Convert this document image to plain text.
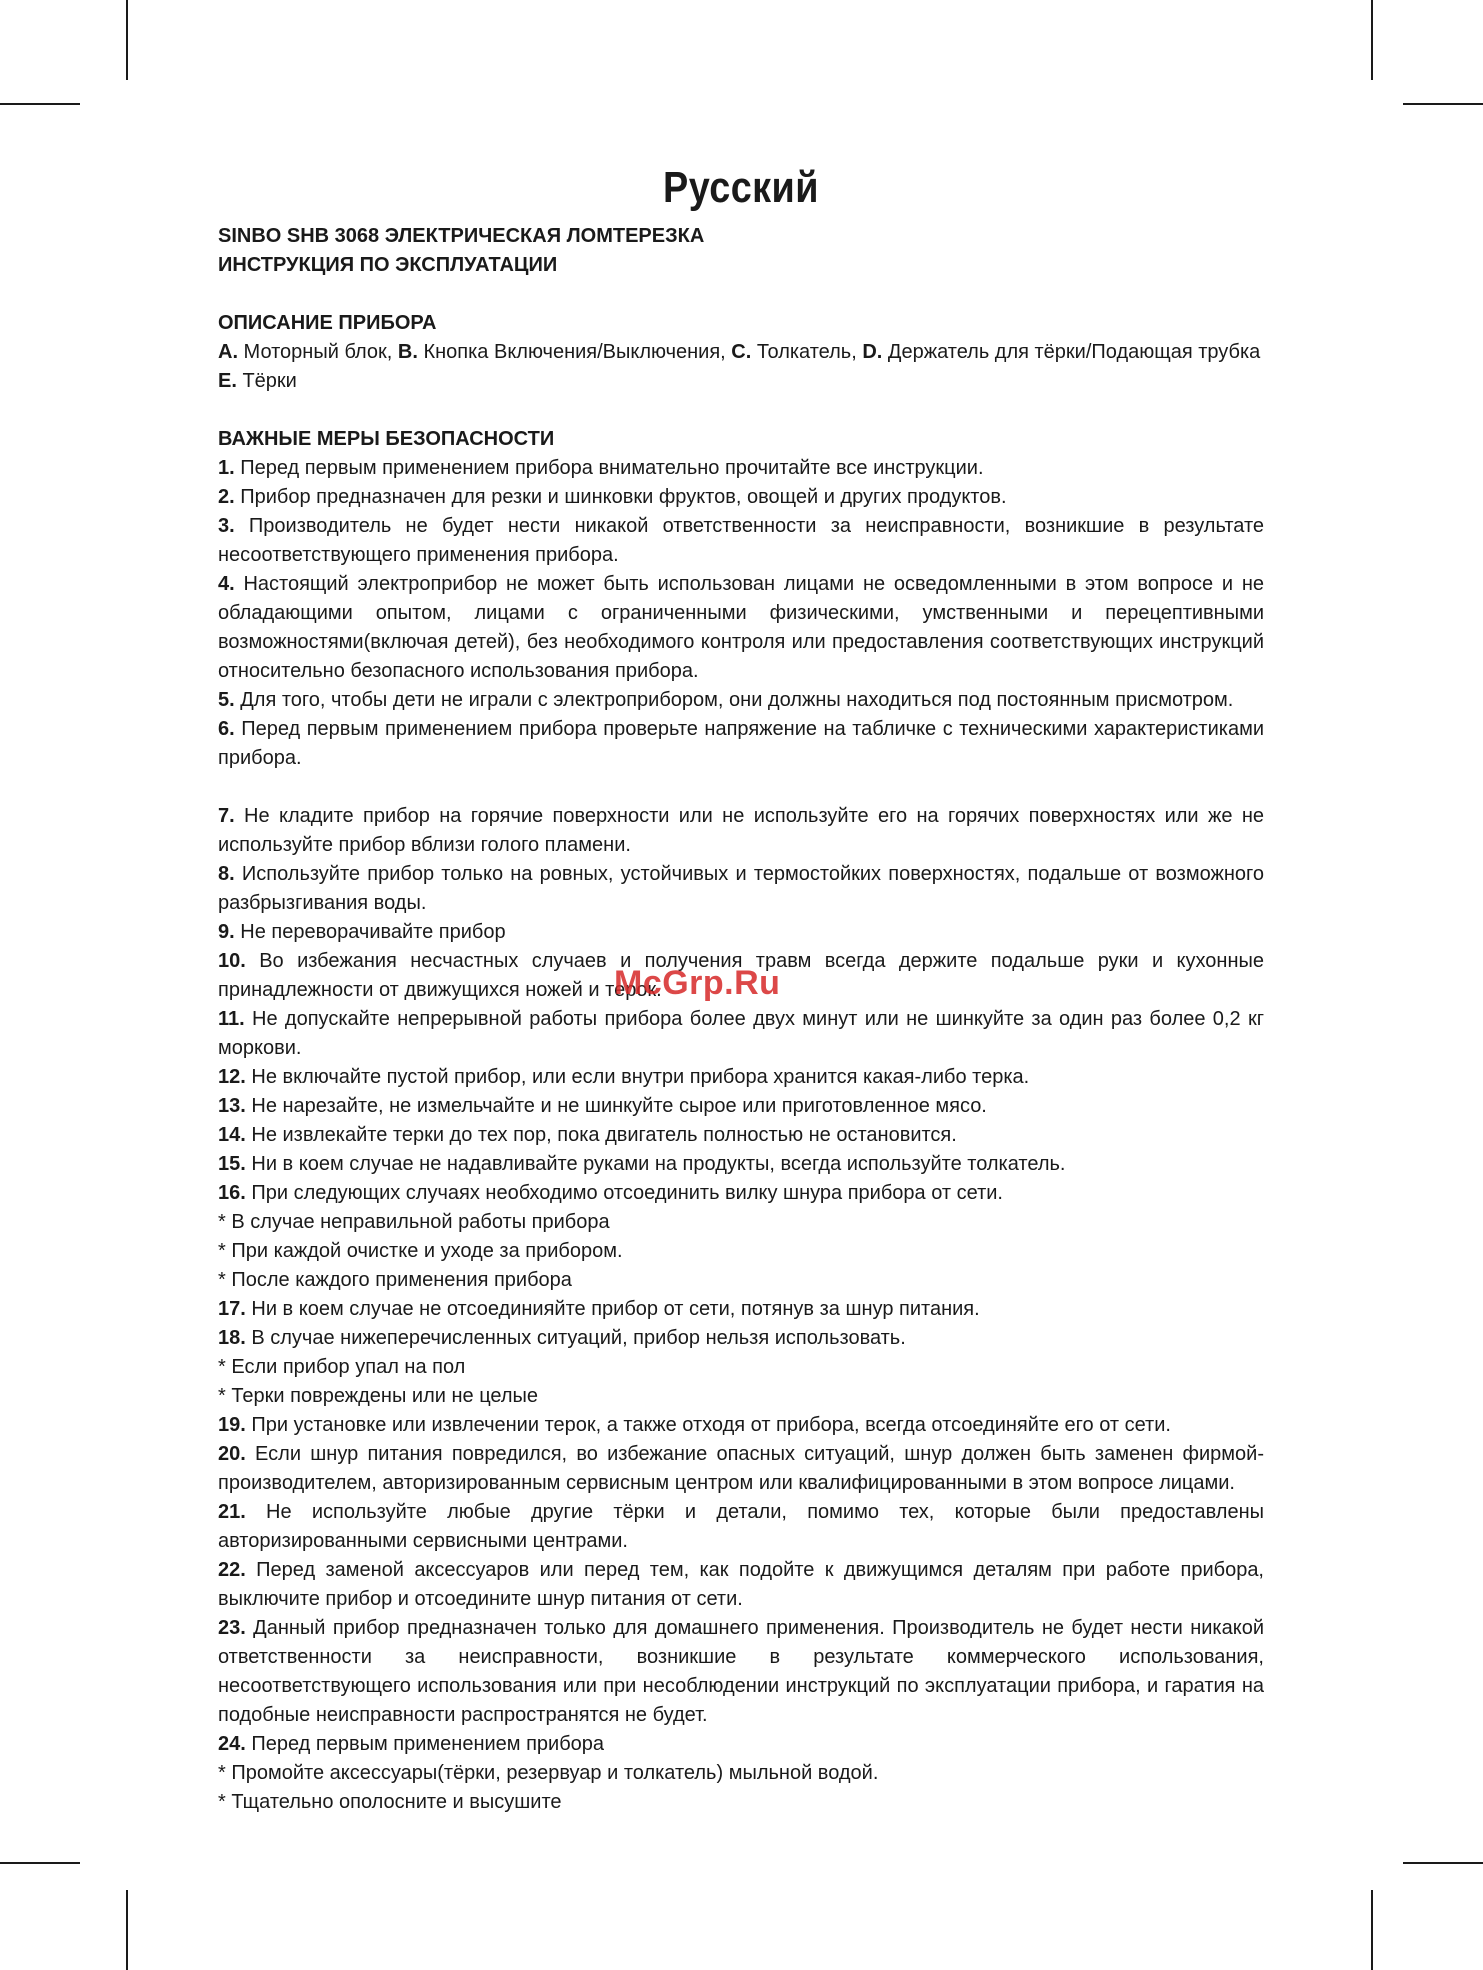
Русский
SINBO SHB 3068 ЭЛЕКТРИЧЕСКАЯ ЛОМТЕРЕЗКА
ИНСТРУКЦИЯ ПО ЭКСПЛУАТАЦИИ
ОПИСАНИЕ ПРИБОРА
A. Моторный блок, B. Кнопка Включения/Выключения, C. Толкатель, D. Держатель для тёрки/Подающая трубка
E. Тёрки
ВАЖНЫЕ МЕРЫ БЕЗОПАСНОСТИ
1. Перед первым применением прибора внимательно прочитайте все инструкции.
2. Прибор предназначен для резки и шинковки фруктов, овощей и других продуктов.
3. Производитель не будет нести никакой ответственности за неисправности, возникшие в результате несоответствующего применения прибора.
4. Настоящий электроприбор не может быть использован лицами не осведомленными в этом вопросе и не обладающими опытом, лицами с ограниченными физическими, умственными и перецептивными возможностями(включая детей), без необходимого контроля или предоставления соответствующих инструкций относительно безопасного использования прибора.
5. Для того, чтобы дети не играли с электроприбором, они должны находиться под постоянным присмотром.
6. Перед первым применением прибора проверьте напряжение на табличке с техническими характеристиками прибора.
7. Не кладите прибор на горячие поверхности или не используйте его на горячих поверхностях или же не используйте прибор вблизи голого пламени.
8. Используйте прибор только на ровных, устойчивых и термостойких поверхностях, подальше от возможного разбрызгивания воды.
9. Не переворачивайте прибор
10. Во избежания несчастных случаев и получения травм всегда держите подальше руки и кухонные принадлежности от движущихся ножей и терок.
11. Не допускайте непрерывной работы прибора более двух минут или не шинкуйте за один раз более 0,2 кг моркови.
12. Не включайте пустой прибор, или если внутри прибора хранится какая-либо терка.
13. Не нарезайте, не измельчайте и не шинкуйте сырое или приготовленное мясо.
14. Не извлекайте терки до тех пор, пока двигатель полностью не остановится.
15. Ни в коем случае не надавливайте руками на продукты, всегда используйте толкатель.
16. При следующих случаях необходимо отсоединить вилку шнура прибора от сети.
* В случае неправильной работы прибора
* При каждой очистке и уходе за прибором.
* После каждого применения прибора
17. Ни в коем случае не отсоединияйте прибор от сети, потянув за шнур питания.
18. В случае нижеперечисленных ситуаций, прибор нельзя использовать.
* Если прибор упал на пол
* Терки повреждены или не целые
19. При установке или извлечении терок, а также отходя от прибора, всегда отсоединяйте его от сети.
20. Если шнур питания повредился, во избежание опасных ситуаций, шнур должен быть заменен фирмой-производителем, авторизированным сервисным центром или квалифицированными в этом вопросе лицами.
21. Не используйте любые другие тёрки и детали, помимо тех, которые были предоставлены авторизированными сервисными центрами.
22. Перед заменой аксессуаров или перед тем, как подойте к движущимся деталям при работе прибора, выключите прибор и отсоедините шнур питания от сети.
23. Данный прибор предназначен только для домашнего применения. Производитель не будет нести никакой ответственности за неисправности, возникшие в результате коммерческого использования, несоответствующего использования или при несоблюдении инструкций по эксплуатации прибора, и гаратия на подобные неисправности распространятся не будет.
24. Перед первым применением прибора
* Промойте аксессуары(тёрки, резервуар и толкатель) мыльной водой.
* Тщательно ополосните и высушите
McGrp.Ru
